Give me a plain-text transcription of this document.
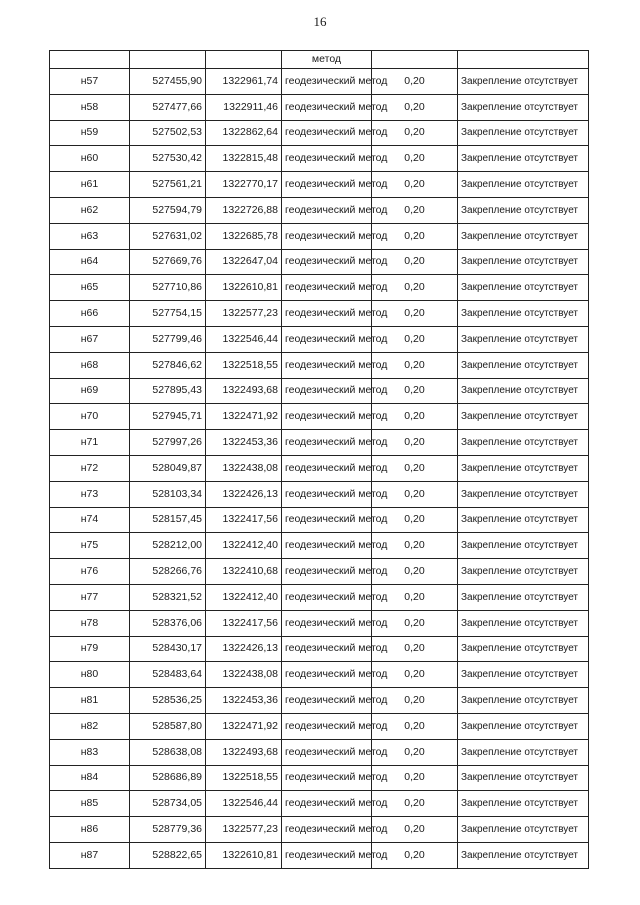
16
			метод		
н57	527455,90	1322961,74	геодезический метод	0,20	Закрепление отсутствует
н58	527477,66	1322911,46	геодезический метод	0,20	Закрепление отсутствует
н59	527502,53	1322862,64	геодезический метод	0,20	Закрепление отсутствует
н60	527530,42	1322815,48	геодезический метод	0,20	Закрепление отсутствует
н61	527561,21	1322770,17	геодезический метод	0,20	Закрепление отсутствует
н62	527594,79	1322726,88	геодезический метод	0,20	Закрепление отсутствует
н63	527631,02	1322685,78	геодезический метод	0,20	Закрепление отсутствует
н64	527669,76	1322647,04	геодезический метод	0,20	Закрепление отсутствует
н65	527710,86	1322610,81	геодезический метод	0,20	Закрепление отсутствует
н66	527754,15	1322577,23	геодезический метод	0,20	Закрепление отсутствует
н67	527799,46	1322546,44	геодезический метод	0,20	Закрепление отсутствует
н68	527846,62	1322518,55	геодезический метод	0,20	Закрепление отсутствует
н69	527895,43	1322493,68	геодезический метод	0,20	Закрепление отсутствует
н70	527945,71	1322471,92	геодезический метод	0,20	Закрепление отсутствует
н71	527997,26	1322453,36	геодезический метод	0,20	Закрепление отсутствует
н72	528049,87	1322438,08	геодезический метод	0,20	Закрепление отсутствует
н73	528103,34	1322426,13	геодезический метод	0,20	Закрепление отсутствует
н74	528157,45	1322417,56	геодезический метод	0,20	Закрепление отсутствует
н75	528212,00	1322412,40	геодезический метод	0,20	Закрепление отсутствует
н76	528266,76	1322410,68	геодезический метод	0,20	Закрепление отсутствует
н77	528321,52	1322412,40	геодезический метод	0,20	Закрепление отсутствует
н78	528376,06	1322417,56	геодезический метод	0,20	Закрепление отсутствует
н79	528430,17	1322426,13	геодезический метод	0,20	Закрепление отсутствует
н80	528483,64	1322438,08	геодезический метод	0,20	Закрепление отсутствует
н81	528536,25	1322453,36	геодезический метод	0,20	Закрепление отсутствует
н82	528587,80	1322471,92	геодезический метод	0,20	Закрепление отсутствует
н83	528638,08	1322493,68	геодезический метод	0,20	Закрепление отсутствует
н84	528686,89	1322518,55	геодезический метод	0,20	Закрепление отсутствует
н85	528734,05	1322546,44	геодезический метод	0,20	Закрепление отсутствует
н86	528779,36	1322577,23	геодезический метод	0,20	Закрепление отсутствует
н87	528822,65	1322610,81	геодезический метод	0,20	Закрепление отсутствует
